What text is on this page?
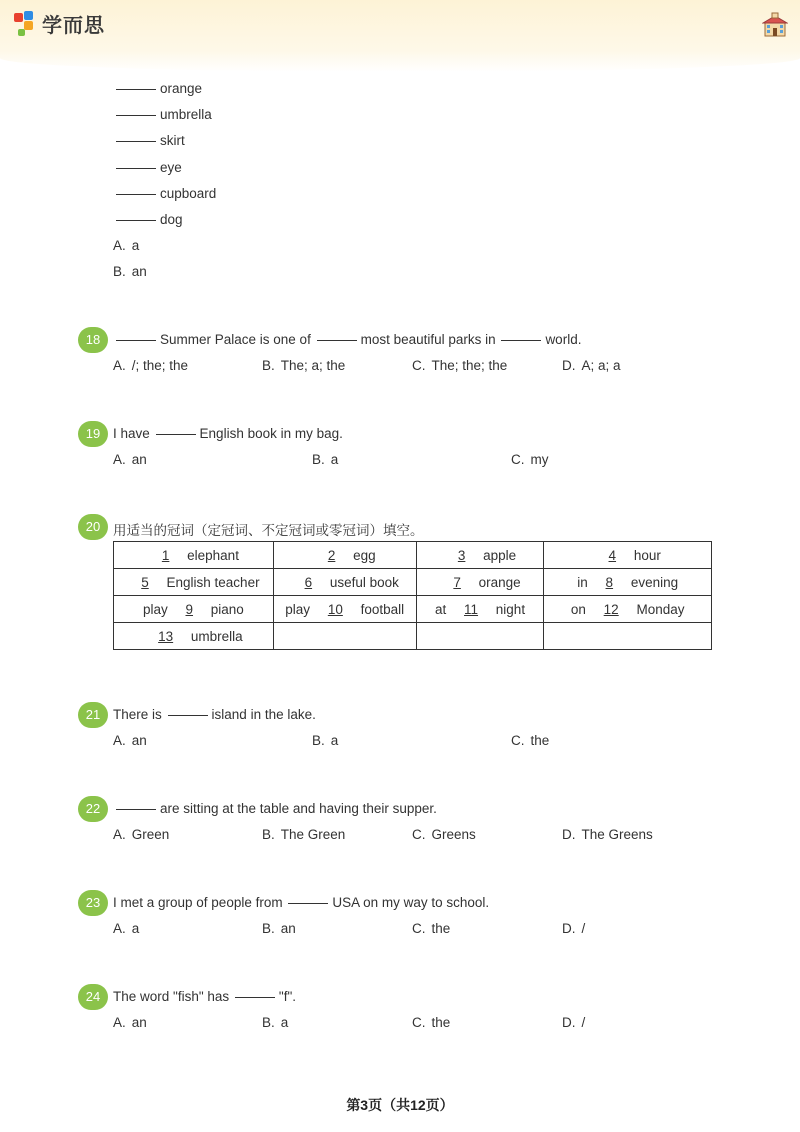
学而思
orange
umbrella
skirt
eye
cupboard
dog
A. a
B. an
18	Summer Palace is one of	most beautiful parks in	world.
A. /; the; the	B. The; a; the	C. The; the; the	D. A; a; a
19 I have	English book in my bag.
A. an	B. a	C. my
20 用适当的冠词（定冠词、不定冠词或零冠词）填空。
1 elephant	2 egg	3 apple	4 hour
5 English teacher	6 useful book	7 orange	in 8 evening
play 9 piano	play 10 football	at 11 night	on 12 Monday
13 umbrella			
21 There is	island in the lake.
A. an	B. a	C. the
22	are sitting at the table and having their supper.
A. Green	B. The Green	C. Greens	D. The Greens
23 I met a group of people from	USA on my way to school.
A. a	B. an	C. the	D. /
24 The word "fish" has	"f".
A. an	B. a	C. the	D. /
第3页（共12页）
